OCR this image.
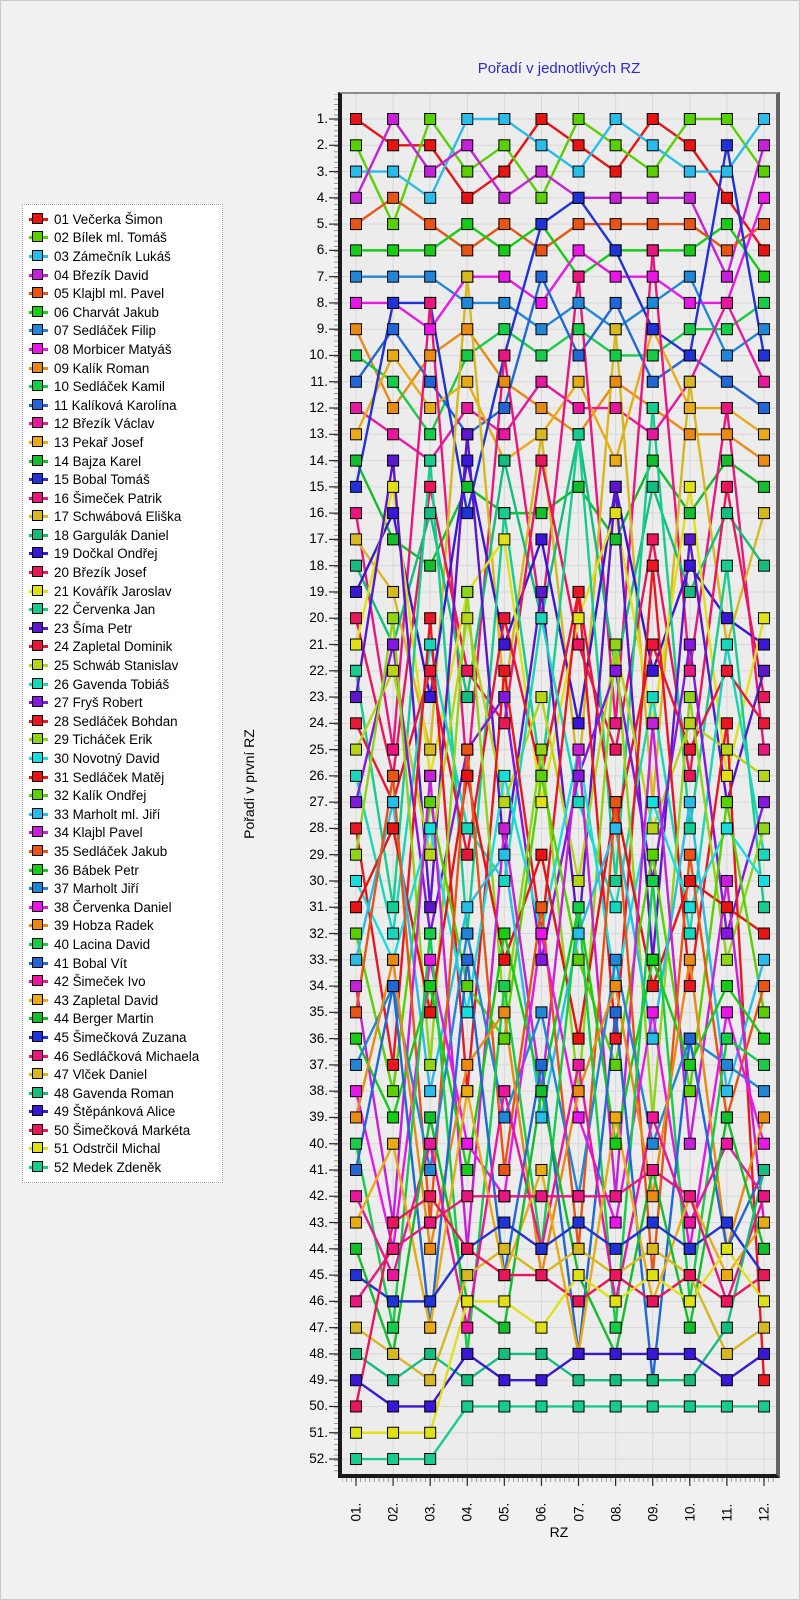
Pořadí v jednotlivých RZ
01 Večerka Šimon
02 Bílek ml. Tomáš
03 Zámečník Lukáš
04 Březík David
05 Klajbl ml. Pavel
06 Charvát Jakub
07 Sedláček Filip
08 Morbicer Matyáš
09 Kalík Roman
10 Sedláček Kamil
11 Kalíková Karolína
12 Březík Václav
13 Pekař Josef
14 Bajza Karel
15 Bobal Tomáš
16 Šimeček Patrik
17 Schwábová Eliška
18 Gargulák Daniel
19 Dočkal Ondřej
20 Březík Josef
21 Kovářík Jaroslav
22 Červenka Jan
23 Šíma Petr
24 Zapletal Dominik
25 Schwáb Stanislav
26 Gavenda Tobiáš
27 Fryš Robert
28 Sedláček Bohdan
29 Ticháček Erik
30 Novotný David
31 Sedláček Matěj
32 Kalík Ondřej
33 Marholt ml. Jiří
34 Klajbl Pavel
35 Sedláček Jakub
36 Bábek Petr
37 Marholt Jiří
38 Červenka Daniel
39 Hobza Radek
40 Lacina David
41 Bobal Vít
42 Šimeček Ivo
43 Zapletal David
44 Berger Martin
45 Šimečková Zuzana
46 Sedláčková Michaela
47 Vlček Daniel
48 Gavenda Roman
49 Štěpánková Alice
50 Šimečková Markéta
51 Odstrčil Michal
52 Medek Zdeněk
1.
2.
3.
4.
5.
6.
7.
8.
9.
10.
11.
12.
13.
14.
15.
16.
17.
18.
19.
20.
21.
22.
23.
24.
25.
26.
27.
28.
29.
30.
31.
32.
33.
34.
35.
36.
37.
38.
39.
40.
41.
42.
43.
44.
45.
46.
47.
48.
49.
50.
51.
52.
01. 02. 03. 04. 05. 06. 07. 08. 09. 10. 11. 12.
RZ
Pořadí v první RZ
